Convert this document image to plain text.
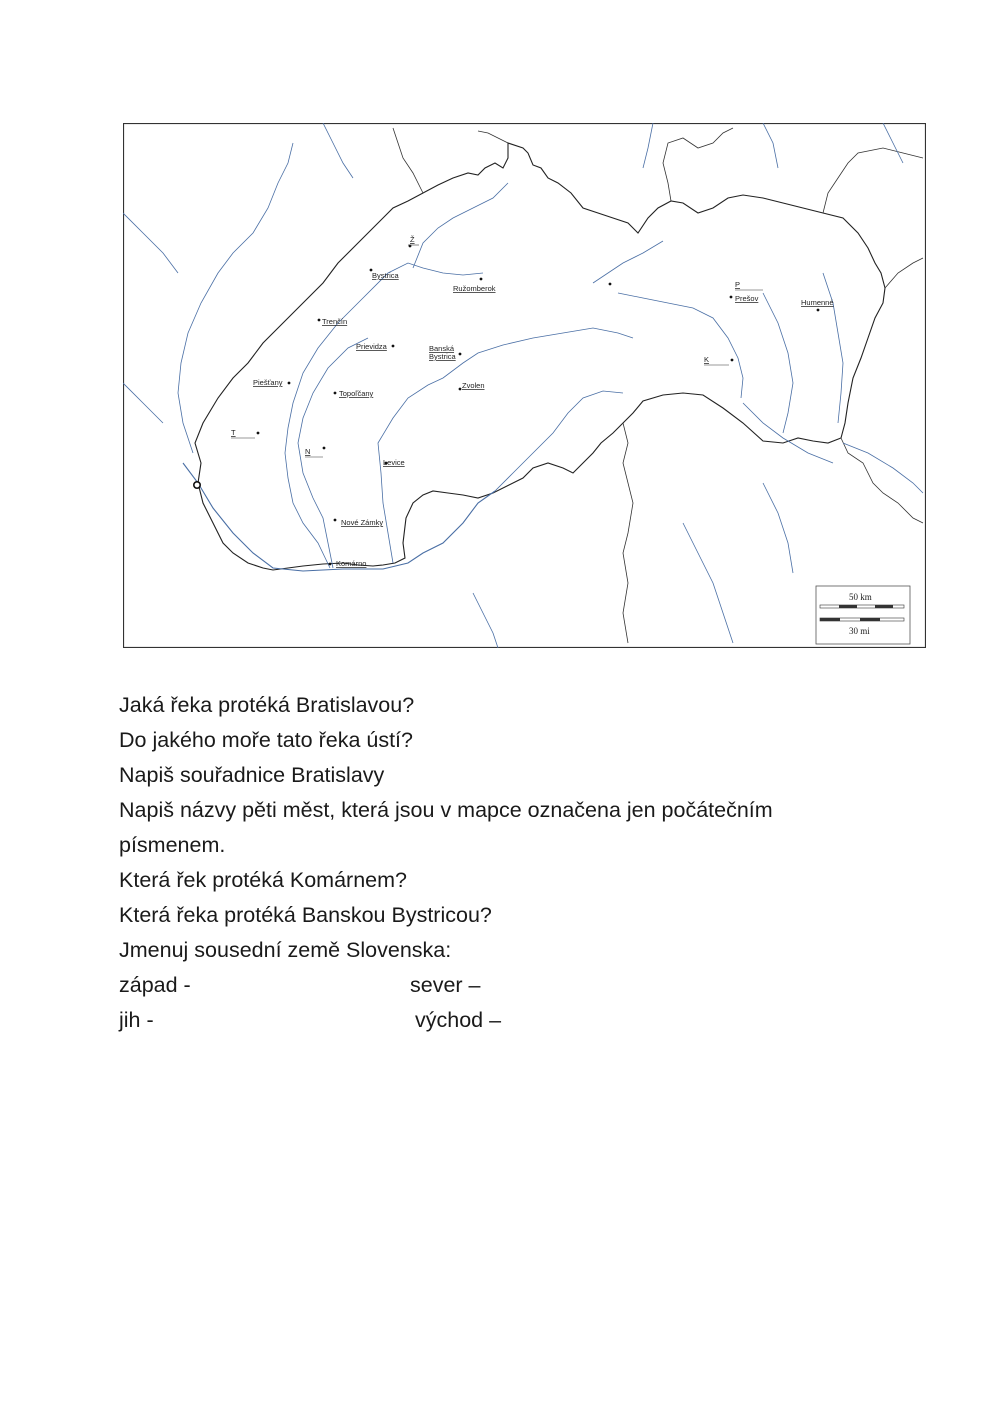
Ž
Bystrica
Ružomberok	P
Prešov	Humenné
Trenčín
Prievidza	Banská
Bystrica	K
Piešťany
Topoľčany
Zvolen
T
N
Levice
Nové Zámky
Komárno
50 km
30 mi

Jaká řeka protéká Bratislavou?

Do jakého moře tato řeka ústí?

Napiš souřadnice Bratislavy

Napiš názvy pěti měst, která jsou v mapce označena jen počátečním

písmenem.

Která řek protéká Komárnem?

Která řeka protéká Banskou Bystricou?

Jmenuj sousední země Slovenska:

západ -	sever –
jih -	východ –
